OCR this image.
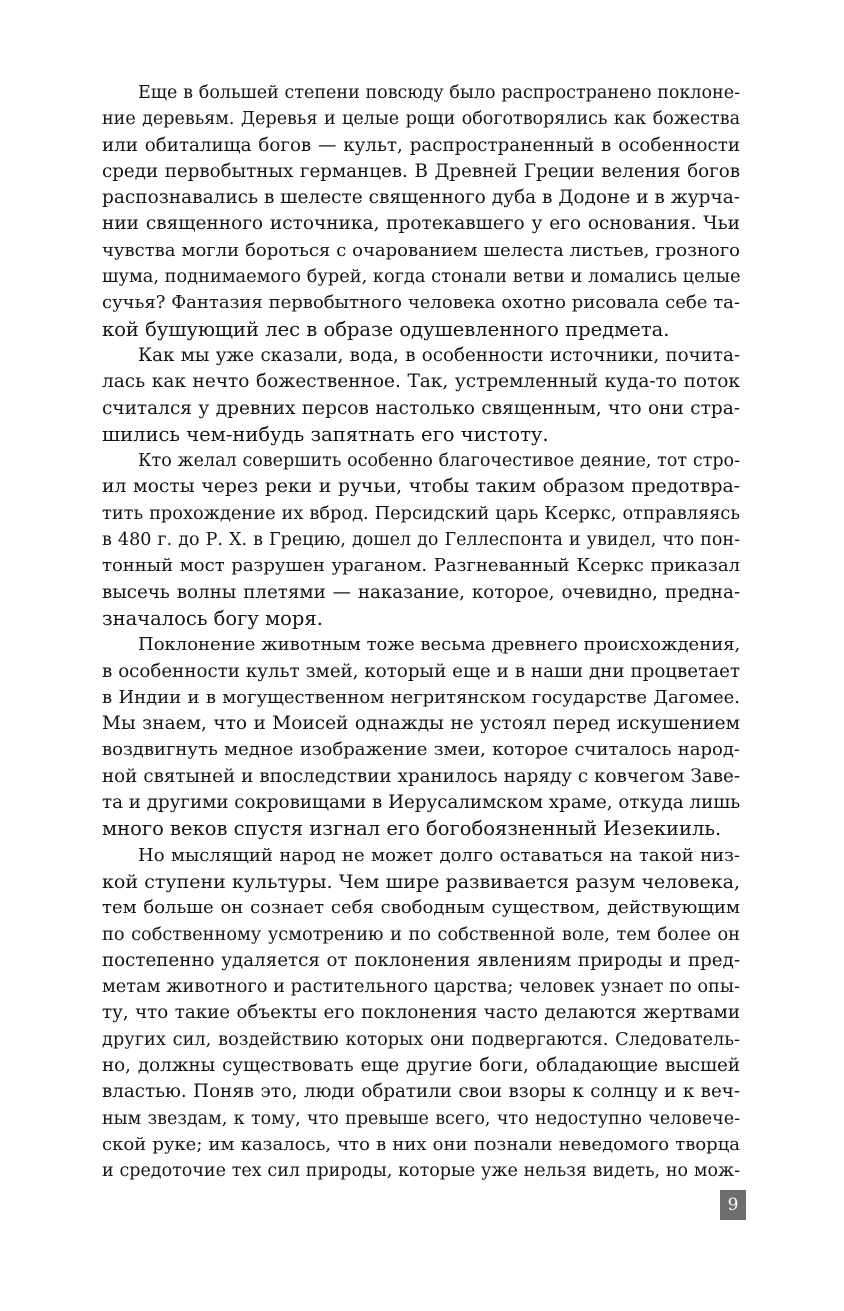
Еще в большей степени повсюду было распространено поклоне-
ние деревьям. Деревья и целые рощи обоготворялись как божества
или обиталища богов — культ, распространенный в особенности
среди первобытных германцев. В Древней Греции веления богов
распознавались в шелесте священного дуба в Додоне и в журча-
нии священного источника, протекавшего у его основания. Чьи
чувства могли бороться с очарованием шелеста листьев, грозного
шума, поднимаемого бурей, когда стонали ветви и ломались целые
сучья? Фантазия первобытного человека охотно рисовала себе та-
кой бушующий лес в образе одушевленного предмета.
Как мы уже сказали, вода, в особенности источники, почита-
лась как нечто божественное. Так, устремленный куда-то поток
считался у древних персов настолько священным, что они стра-
шились чем-нибудь запятнать его чистоту.
Кто желал совершить особенно благочестивое деяние, тот стро-
ил мосты через реки и ручьи, чтобы таким образом предотвра-
тить прохождение их вброд. Персидский царь Ксеркс, отправляясь
в 480 г. до Р. Х. в Грецию, дошел до Геллеспонта и увидел, что пон-
тонный мост разрушен ураганом. Разгневанный Ксеркс приказал
высечь волны плетями — наказание, которое, очевидно, предна-
значалось богу моря.
Поклонение животным тоже весьма древнего происхождения,
в особенности культ змей, который еще и в наши дни процветает
в Индии и в могущественном негритянском государстве Дагомее.
Мы знаем, что и Моисей однажды не устоял перед искушением
воздвигнуть медное изображение змеи, которое считалось народ-
ной святыней и впоследствии хранилось наряду с ковчегом Заве-
та и другими сокровищами в Иерусалимском храме, откуда лишь
много веков спустя изгнал его богобоязненный Иезекииль.
Но мыслящий народ не может долго оставаться на такой низ-
кой ступени культуры. Чем шире развивается разум человека,
тем больше он сознает себя свободным существом, действующим
по собственному усмотрению и по собственной воле, тем более он
постепенно удаляется от поклонения явлениям природы и пред-
метам животного и растительного царства; человек узнает по опы-
ту, что такие объекты его поклонения часто делаются жертвами
других сил, воздействию которых они подвергаются. Следователь-
но, должны существовать еще другие боги, обладающие высшей
властью. Поняв это, люди обратили свои взоры к солнцу и к веч-
ным звездам, к тому, что превыше всего, что недоступно человече-
ской руке; им казалось, что в них они познали неведомого творца
и средоточие тех сил природы, которые уже нельзя видеть, но мож-
9
